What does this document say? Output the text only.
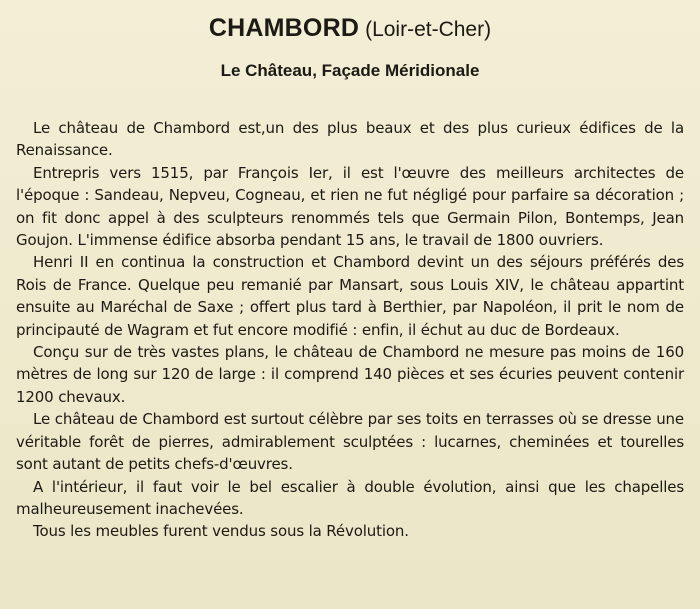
CHAMBORD (Loir-et-Cher)
Le Château, Façade Méridionale

Le château de Chambord est,un des plus beaux et des plus curieux édifices de la Renaissance.

Entrepris vers 1515, par François Ier, il est l'œuvre des meilleurs architectes de l'époque : Sandeau, Nepveu, Cogneau, et rien ne fut négligé pour parfaire sa décoration ; on fit donc appel à des sculpteurs renommés tels que Germain Pilon, Bontemps, Jean Goujon. L'immense édifice absorba pendant 15 ans, le travail de 1800 ouvriers.

Henri II en continua la construction et Chambord devint un des séjours préférés des Rois de France. Quelque peu remanié par Mansart, sous Louis XIV, le château appartint ensuite au Maréchal de Saxe ; offert plus tard à Berthier, par Napoléon, il prit le nom de principauté de Wagram et fut encore modifié : enfin, il échut au duc de Bordeaux.

Conçu sur de très vastes plans, le château de Chambord ne mesure pas moins de 160 mètres de long sur 120 de large : il comprend 140 pièces et ses écuries peuvent contenir 1200 chevaux.

Le château de Chambord est surtout célèbre par ses toits en terrasses où se dresse une véritable forêt de pierres, admirablement sculptées : lucarnes, cheminées et tourelles sont autant de petits chefs-d'œuvres.

A l'intérieur, il faut voir le bel escalier à double évolution, ainsi que les chapelles malheureusement inachevées.

Tous les meubles furent vendus sous la Révolution.
